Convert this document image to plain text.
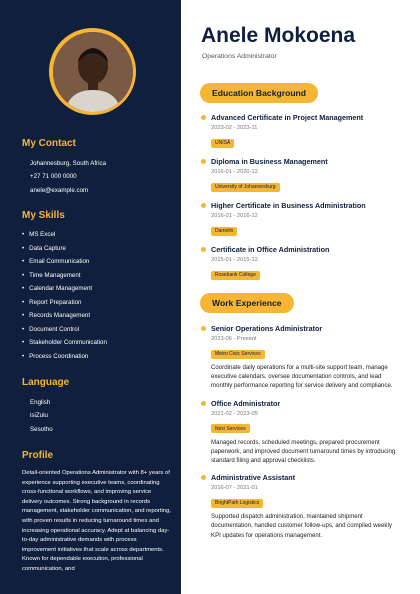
My Contact
Johannesburg, South Africa
+27 71 000 0000
anele@example.com
My Skills
• MS Excel
• Data Capture
• Email Communication
• Time Management
• Calendar Management
• Report Preparation
• Records Management
• Document Control
• Stakeholder Communication
• Process Coordination
Language
English
isiZulu
Sesotho
Profile

Detail-oriented Operations Administrator with 8+ years of experience supporting executive teams, coordinating cross-functional workflows, and improving service delivery outcomes. Strong background in records management, stakeholder communication, and reporting, with proven results in reducing turnaround times and increasing operational accuracy. Adept at balancing day-to-day administrative demands with process improvement initiatives that scale across departments. Known for dependable execution, professional communication, and

Anele Mokoena
Operations Administrator
Education Background
Advanced Certificate in Project Management
2023-02 - 2023-11
UNISA
Diploma in Business Management
2016-01 - 2020-12
University of Johannesburg
Higher Certificate in Business Administration
2016-01 - 2016-12
Damelin
Certificate in Office Administration
2015-01 - 2015-12
Rosebank College
Work Experience
Senior Operations Administrator
2023-06 - Present
Metro Civic Services
Coordinate daily operations for a multi-site support team, manage executive calendars, oversee documentation controls, and lead monthly performance reporting for service delivery and compliance.
Office Administrator
2021-02 - 2023-05
Nexi Services
Managed records, scheduled meetings, prepared procurement paperwork, and improved document turnaround times by introducing standard filing and approval checklists.
Administrative Assistant
2016-07 - 2021-01
BrightPath Logistics
Supported dispatch administration, maintained shipment documentation, handled customer follow-ups, and compiled weekly KPI updates for operations management.
